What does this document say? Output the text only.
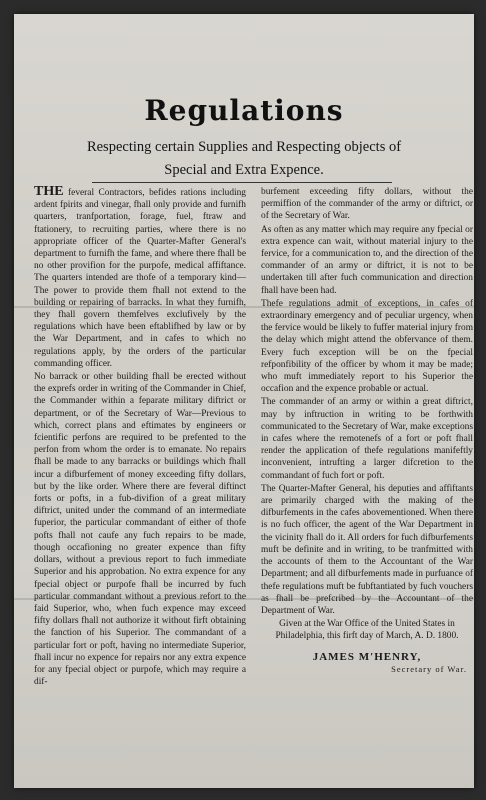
Regulations
Respecting certain Supplies and Respecting objects of
Special and Extra Expence.

THE feveral Contractors, befides rations including ardent fpirits and vinegar, fhall only provide and furnifh quarters, tranfportation, forage, fuel, ftraw and ftationery, to recruiting parties, where there is no appropriate officer of the Quarter-Mafter General's department to furnifh the fame, and where there fhall be no other provifion for the purpofe, medical affiftance. The quarters intended are thofe of a temporary kind—The power to provide them fhall not extend to the building or repairing of barracks. In what they furnifh, they fhall govern themfelves exclufively by the regulations which have been eftablifhed by law or by the War Department, and in cafes to which no regulations apply, by the orders of the particular commanding officer.

No barrack or other building fhall be erected without the exprefs order in writing of the Commander in Chief, the Commander within a feparate military diftrict or department, or of the Secretary of War—Previous to which, correct plans and eftimates by engineers or fcientific perfons are required to be prefented to the perfon from whom the order is to emanate. No repairs fhall be made to any barracks or buildings which fhall incur a difburfement of money exceeding fifty dollars, but by the like order. Where there are feveral diftinct forts or pofts, in a fub-divifion of a great military diftrict, united under the command of an intermediate fuperior, the particular commandant of either of thofe pofts fhall not caufe any fuch repairs to be made, though occafioning no greater expence than fifty dollars, without a previous report to fuch immediate Superior and his approbation. No extra expence for any fpecial object or purpofe fhall be incurred by fuch particular commandant without a previous refort to the faid Superior, who, when fuch expence may exceed fifty dollars fhall not authorize it without firft obtaining the fanction of his Superior. The commandant of a particular fort or poft, having no intermediate Superior, fhall incur no expence for repairs nor any extra expence for any fpecial object or purpofe, which may require a dif-

burfement exceeding fifty dollars, without the permiffion of the commander of the army or diftrict, or of the Secretary of War.

As often as any matter which may require any fpecial or extra expence can wait, without material injury to the fervice, for a communication to, and the direction of the commander of an army or diftrict, it is not to be undertaken till after fuch communication and direction fhall have been had.

Thefe regulations admit of exceptions, in cafes of extraordinary emergency and of peculiar urgency, when the fervice would be likely to fuffer material injury from the delay which might attend the obfervance of them. Every fuch exception will be on the fpecial refponfibility of the officer by whom it may be made; who muft immediately report to his Superior the occafion and the expence probable or actual.

The commander of an army or within a great diftrict, may by inftruction in writing to be forthwith communicated to the Secretary of War, make exceptions in cafes where the remotenefs of a fort or poft fhall render the application of thefe regulations manifeftly inconvenient, intrufting a larger difcretion to the commandant of fuch fort or poft.

The Quarter-Mafter General, his deputies and affiftants are primarily charged with the making of the difburfements in the cafes abovementioned. When there is no fuch officer, the agent of the War Department in the vicinity fhall do it. All orders for fuch difburfements muft be definite and in writing, to be tranfmitted with the accounts of them to the Accountant of the War Department; and all difburfements made in purfuance of thefe regulations muft be fubftantiated by fuch vouchers as fhall be prefcribed by the Accountant of the Department of War.

Given at the War Office of the United States in Philadelphia, this firft day of March, A. D. 1800.

JAMES M'HENRY,
Secretary of War.
